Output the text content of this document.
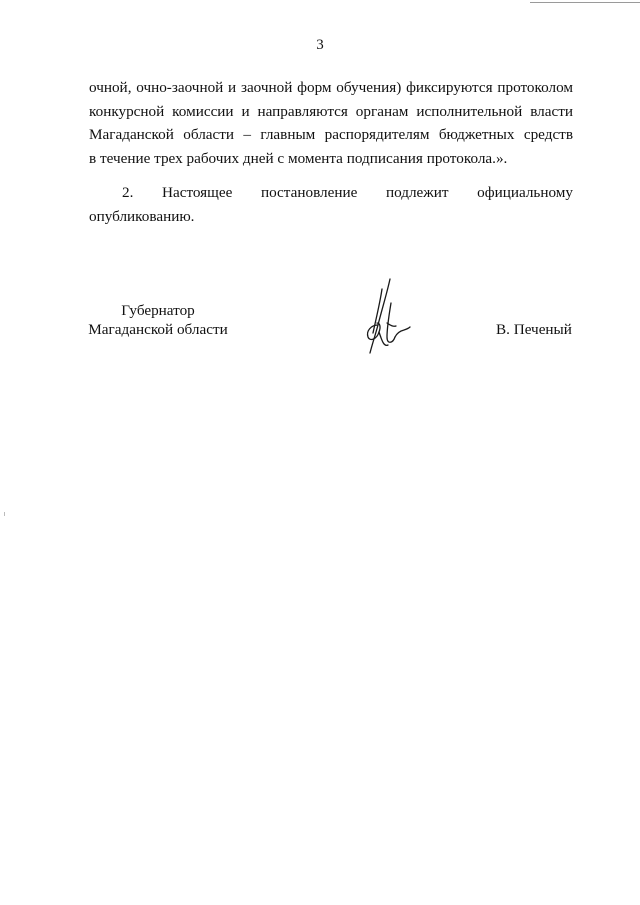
3
очной, очно-заочной и заочной форм обучения) фиксируются протоколом
конкурсной комиссии и направляются органам исполнительной власти
Магаданской области – главным распорядителям бюджетных средств
в течение трех рабочих дней с момента подписания протокола.».
2. Настоящее постановление подлежит официальному
опубликованию.
Губернатор
Магаданской области	В. Печеный
